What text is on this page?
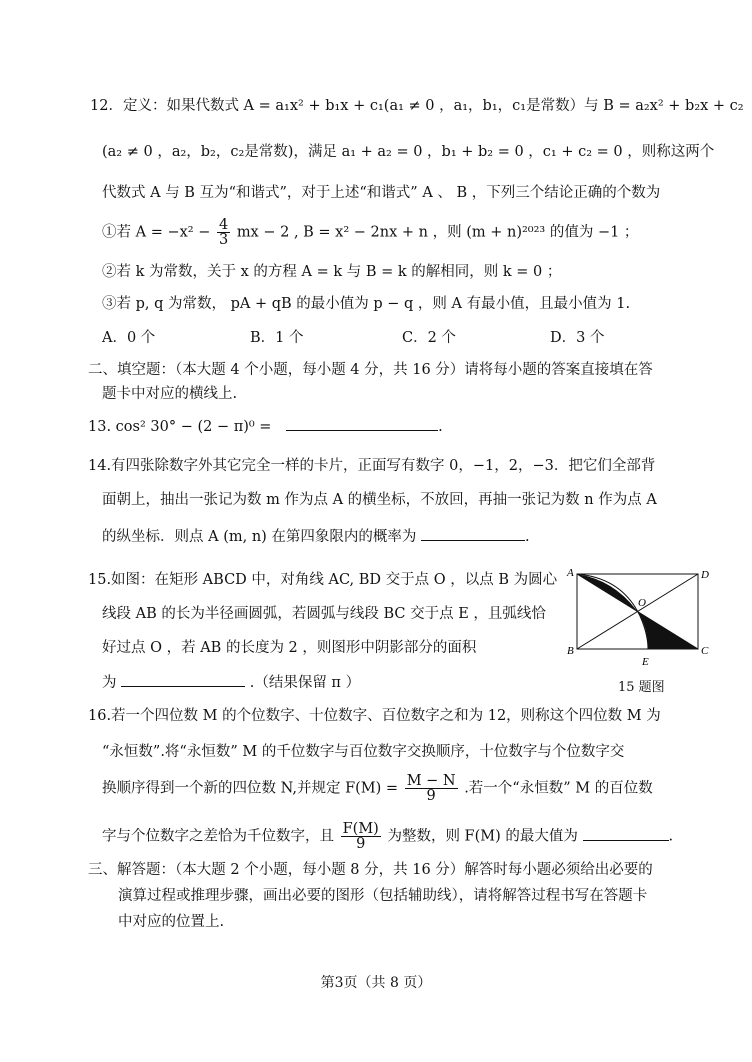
12．定义：如果代数式 A = a₁x² + b₁x + c₁(a₁ ≠ 0 ，a₁，b₁，c₁是常数）与 B = a₂x² + b₂x + c₂
(a₂ ≠ 0 ，a₂，b₂，c₂是常数)，满足 a₁ + a₂ = 0 ，b₁ + b₂ = 0 ，c₁ + c₂ = 0 ，则称这两个
代数式 A 与 B 互为“和谐式”，对于上述“和谐式” A 、 B ，下列三个结论正确的个数为
①若 $A = -x^2 - \frac{4}{3}$ mx − 2 , B = x² − 2nx + n ，则 (m + n)²⁰²³ 的值为 −1 ；
②若 k 为常数，关于 x 的方程 A = k 与 B = k 的解相同，则 k = 0 ；
③若 p, q 为常数， pA + qB 的最小值为 p − q ，则 A 有最小值，且最小值为 1.
A．0 个	B．1 个	C．2 个	D．3 个
二、填空题：（本大题 4 个小题，每小题 4 分，共 16 分）请将每小题的答案直接填在答
题卡中对应的横线上.
13. cos² 30° − (2 − π)⁰ =	.
14.有四张除数字外其它完全一样的卡片，正面写有数字 0，−1，2，−3．把它们全部背
面朝上，抽出一张记为数 m 作为点 A 的横坐标，不放回，再抽一张记为数 n 作为点 A
的纵坐标．则点 A (m, n) 在第四象限内的概率为	.
15.如图：在矩形 ABCD 中，对角线 AC, BD 交于点 O ，以点 B 为圆心
线段 AB 的长为半径画圆弧，若圆弧与线段 BC 交于点 E ，且弧线恰
好过点 O ，若 AB 的长度为 2 ，则图形中阴影部分的面积
为	.（结果保留 π ）
A	D
B	C
O
E
15 题图
16.若一个四位数 M 的个位数字、十位数字、百位数字之和为 12，则称这个四位数 M 为
“永恒数”.将“永恒数” M 的千位数字与百位数字交换顺序，十位数字与个位数字交
换顺序得到一个新的四位数 N,并规定 $F(M) = \frac{M - N}{9}$ .若一个“永恒数” M 的百位数
字与个位数字之差恰为千位数字，且 $\frac{F(M)}{9}$ 为整数，则 F(M) 的最大值为	.
三、解答题：（本大题 2 个小题，每小题 8 分，共 16 分）解答时每小题必须给出必要的
演算过程或推理步骤，画出必要的图形（包括辅助线），请将解答过程书写在答题卡
中对应的位置上.
第3页（共 8 页）
